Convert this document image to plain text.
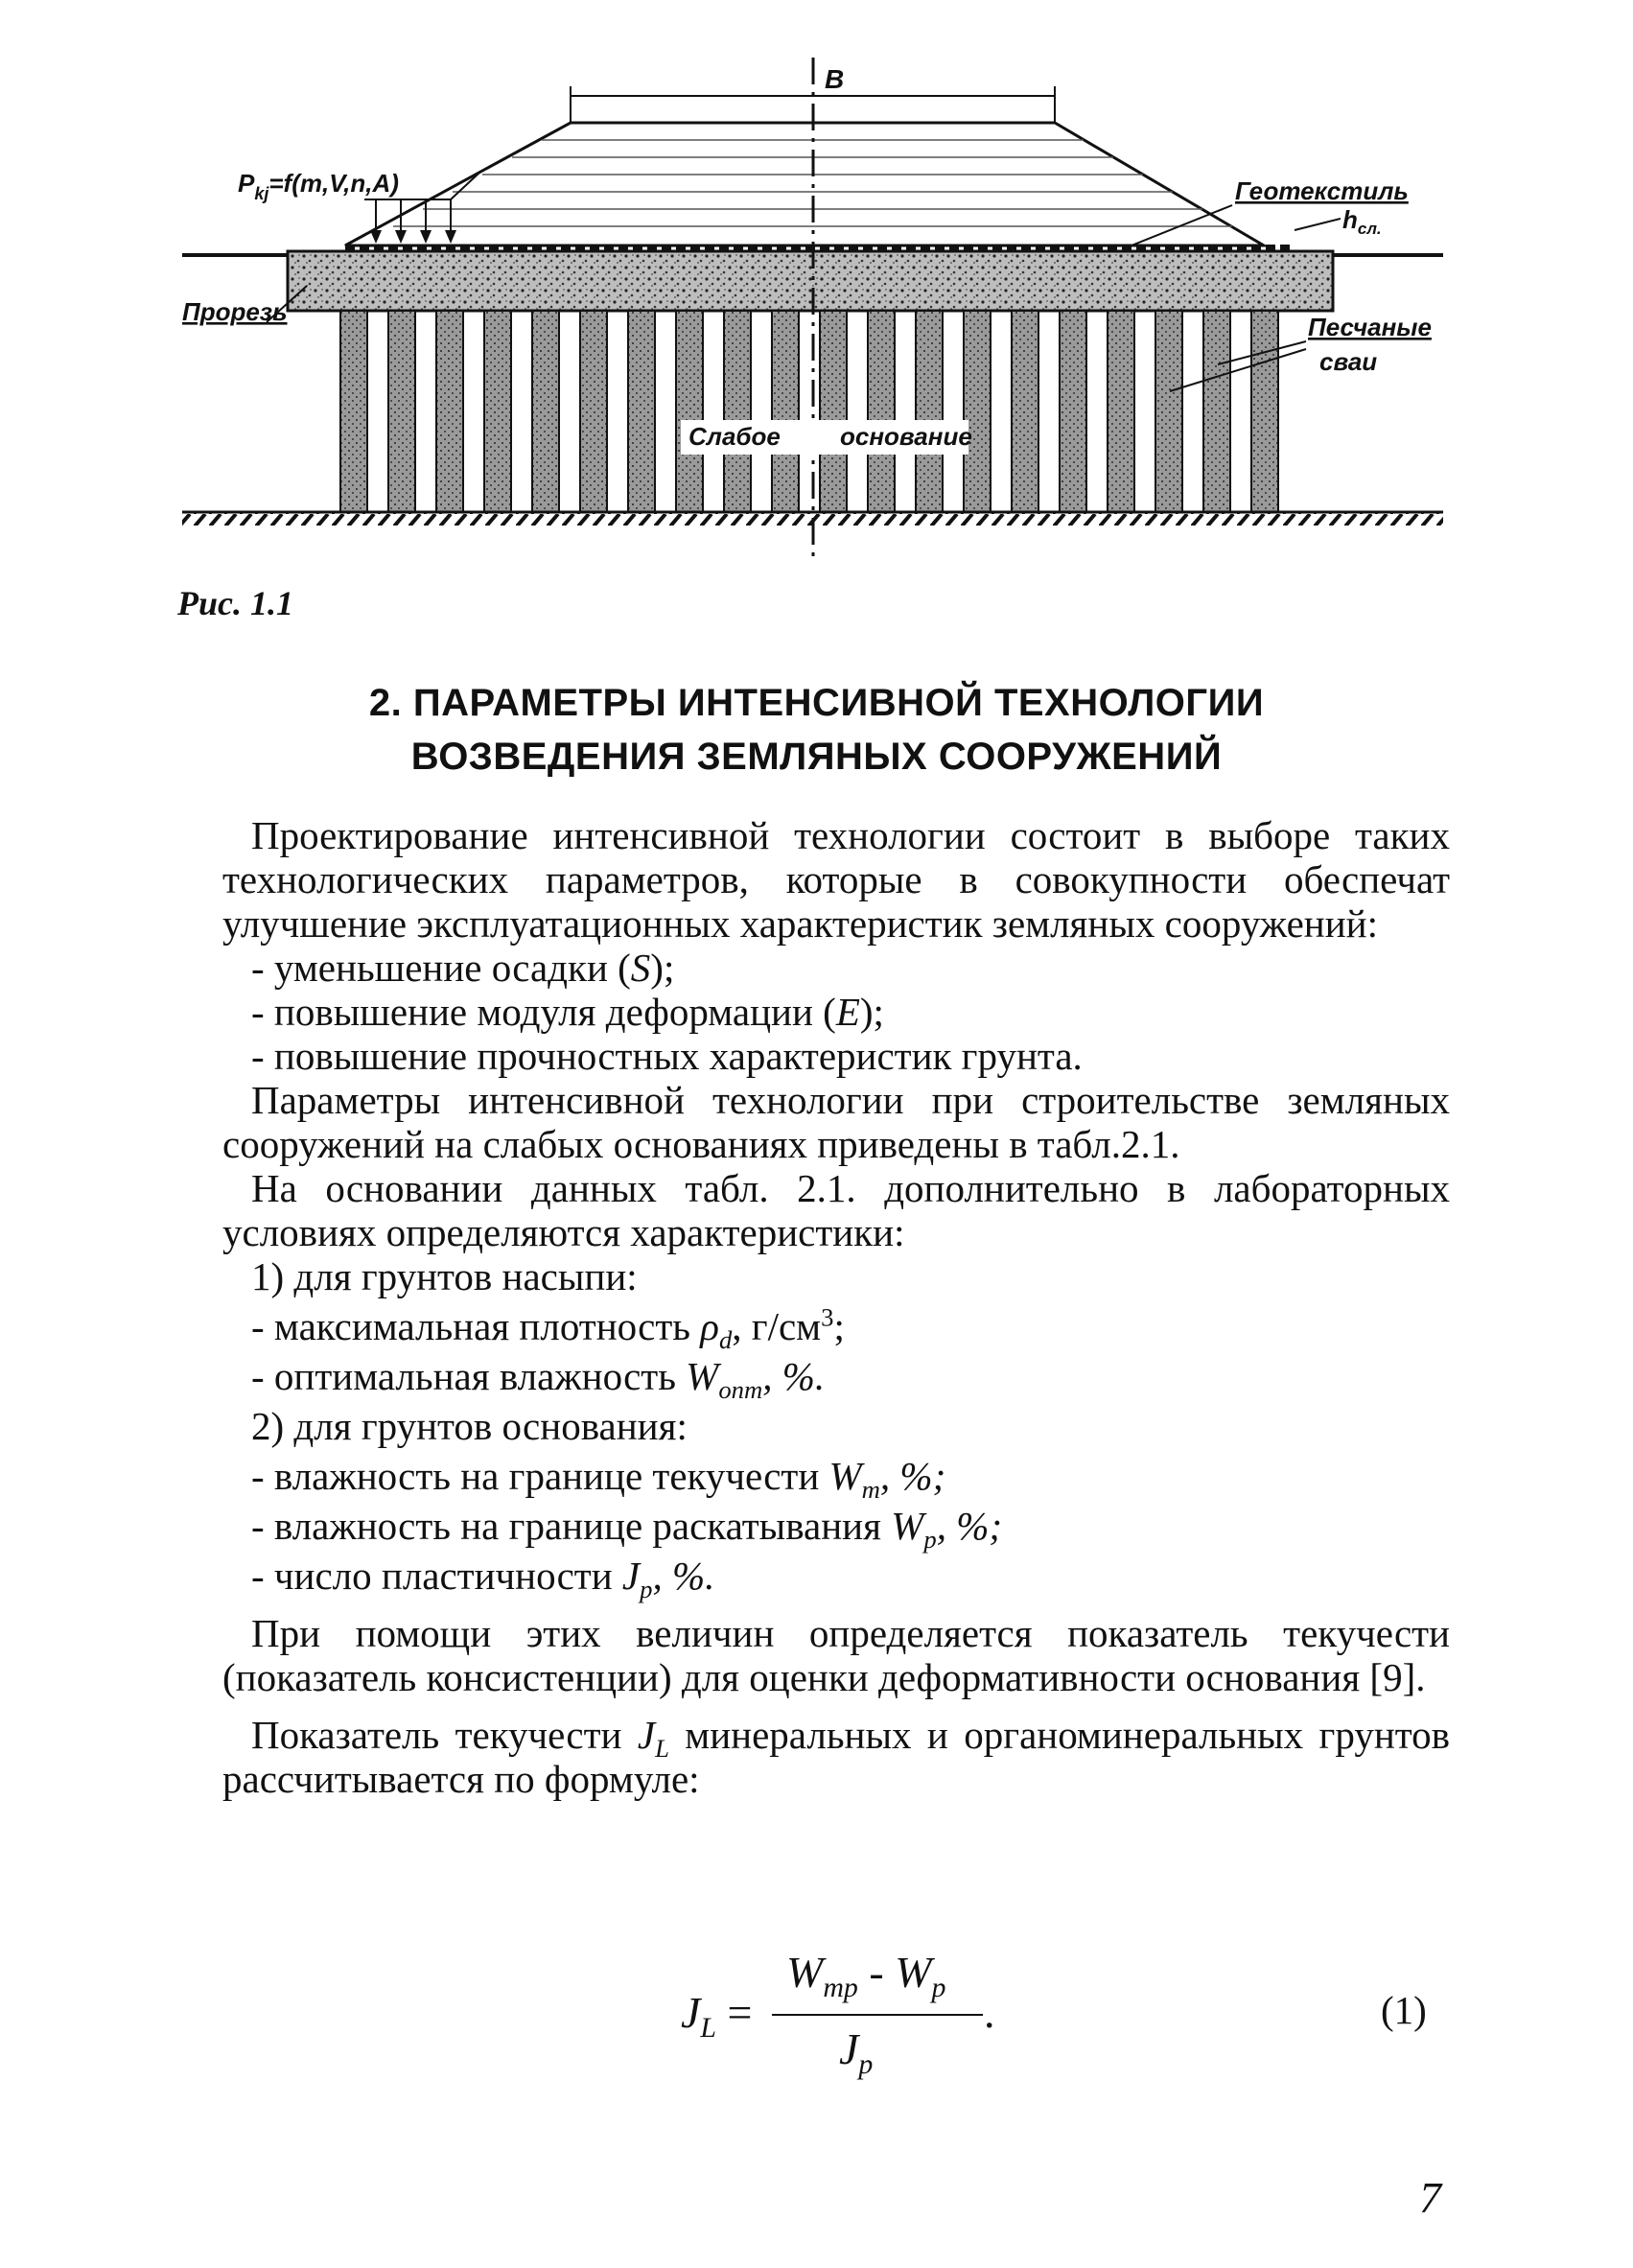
B
$P_{kj}=f(m,V,n,A)$	Геотекстиль
$h_{сл.}$
Прорезь
Песчаные
сваи
Слабое основание
Рис. 1.1
2. ПАРАМЕТРЫ ИНТЕНСИВНОЙ ТЕХНОЛОГИИ
ВОЗВЕДЕНИЯ ЗЕМЛЯНЫХ СООРУЖЕНИЙ

Проектирование интенсивной технологии состоит в выборе таких технологических параметров, которые в совокупности обеспечат улучшение эксплуатационных характеристик земляных сооружений:

- уменьшение осадки (S);

- повышение модуля деформации (E);

- повышение прочностных характеристик грунта.

Параметры интенсивной технологии при строительстве земляных сооружений на слабых основаниях приведены в табл.2.1.

На основании данных табл. 2.1. дополнительно в лабораторных условиях определяются характеристики:

1) для грунтов насыпи:

- максимальная плотность $\rho_d$, $г/см^3$;

- оптимальная влажность $W_{опт}$, %.

2) для грунтов основания:

- влажность на границе текучести $W_т$, %;

- влажность на границе раскатывания $W_p$, %;

- число пластичности $J_p$, %.

При помощи этих величин определяется показатель текучести (показатель консистенции) для оценки деформативности основания [9].

Показатель текучести $J_L$ минеральных и органоминеральных грунтов рассчитывается по формуле:

$J_L$ =
$W_{тр} - W_p$
$J_p$
.	(1)
7
